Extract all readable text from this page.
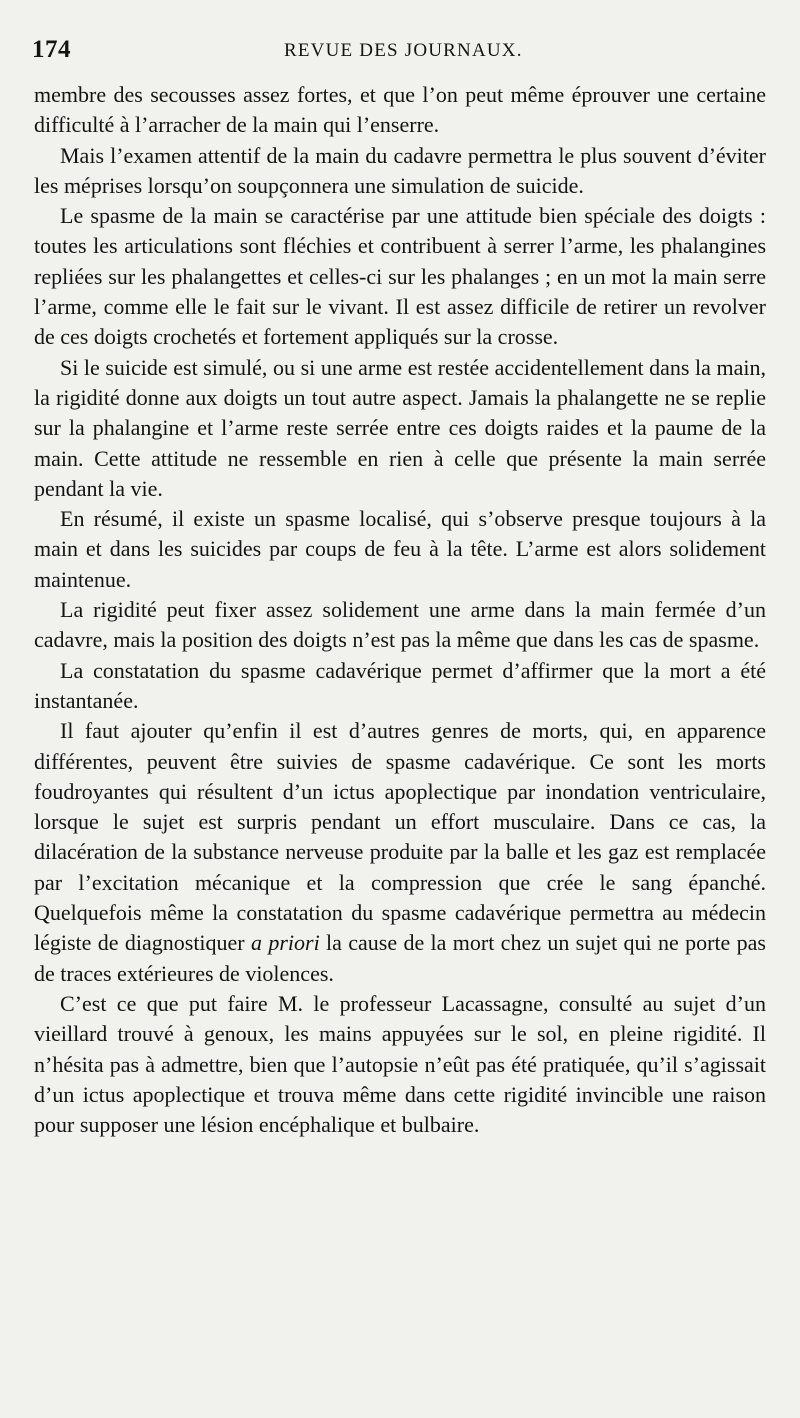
174	REVUE DES JOURNAUX.

membre des secousses assez fortes, et que l’on peut même éprouver une certaine difficulté à l’arracher de la main qui l’enserre.

Mais l’examen attentif de la main du cadavre permettra le plus souvent d’éviter les méprises lorsqu’on soupçonnera une simulation de suicide.

Le spasme de la main se caractérise par une attitude bien spéciale des doigts : toutes les articulations sont fléchies et contribuent à serrer l’arme, les phalangines repliées sur les phalangettes et celles-ci sur les phalanges ; en un mot la main serre l’arme, comme elle le fait sur le vivant. Il est assez difficile de retirer un revolver de ces doigts crochetés et fortement appliqués sur la crosse.

Si le suicide est simulé, ou si une arme est restée accidentellement dans la main, la rigidité donne aux doigts un tout autre aspect. Jamais la phalangette ne se replie sur la phalangine et l’arme reste serrée entre ces doigts raides et la paume de la main. Cette attitude ne ressemble en rien à celle que présente la main serrée pendant la vie.

En résumé, il existe un spasme localisé, qui s’observe presque toujours à la main et dans les suicides par coups de feu à la tête. L’arme est alors solidement maintenue.

La rigidité peut fixer assez solidement une arme dans la main fermée d’un cadavre, mais la position des doigts n’est pas la même que dans les cas de spasme.

La constatation du spasme cadavérique permet d’affirmer que la mort a été instantanée.

Il faut ajouter qu’enfin il est d’autres genres de morts, qui, en apparence différentes, peuvent être suivies de spasme cadavérique. Ce sont les morts foudroyantes qui résultent d’un ictus apoplectique par inondation ventriculaire, lorsque le sujet est surpris pendant un effort musculaire. Dans ce cas, la dilacération de la substance nerveuse produite par la balle et les gaz est remplacée par l’excitation mécanique et la compression que crée le sang épanché. Quelquefois même la constatation du spasme cadavérique permettra au médecin légiste de diagnostiquer a priori la cause de la mort chez un sujet qui ne porte pas de traces extérieures de violences.

C’est ce que put faire M. le professeur Lacassagne, consulté au sujet d’un vieillard trouvé à genoux, les mains appuyées sur le sol, en pleine rigidité. Il n’hésita pas à admettre, bien que l’autopsie n’eût pas été pratiquée, qu’il s’agissait d’un ictus apoplectique et trouva même dans cette rigidité invincible une raison pour supposer une lésion encéphalique et bulbaire.
